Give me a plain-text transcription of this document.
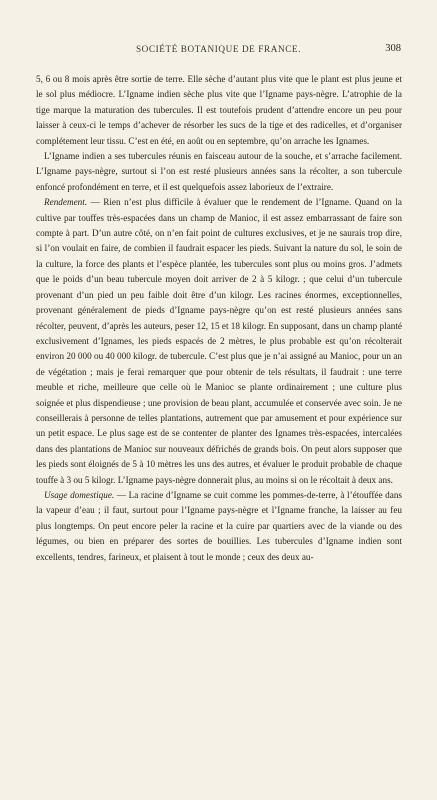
SOCIÉTÉ BOTANIQUE DE FRANCE.	308

5, 6 ou 8 mois après être sortie de terre. Elle sèche d’autant plus vite que le plant est plus jeune et le sol plus médiocre. L’Igname indien sèche plus vite que l’Igname pays-nègre. L’atrophie de la tige marque la maturation des tubercules. Il est toutefois prudent d’attendre encore un peu pour laisser à ceux-ci le temps d’achever de résorber les sucs de la tige et des radicelles, et d’organiser complétement leur tissu. C’est en été, en août ou en septembre, qu’on arrache les Ignames.

L’Igname indien a ses tubercules réunis en faisceau autour de la souche, et s’arrache facilement. L’Igname pays-nègre, surtout si l’on est resté plusieurs années sans la récolter, a son tubercule enfoncé profondément en terre, et il est quelquefois assez laborieux de l’extraire.

Rendement. — Rien n’est plus difficile à évaluer que le rendement de l’Igname. Quand on la cultive par touffes très-espacées dans un champ de Manioc, il est assez embarrassant de faire son compte à part. D’un autre côté, on n’en fait point de cultures exclusives, et je ne saurais trop dire, si l’on voulait en faire, de combien il faudrait espacer les pieds. Suivant la nature du sol, le soin de la culture, la force des plants et l’espèce plantée, les tubercules sont plus ou moins gros. J’admets que le poids d’un beau tubercule moyen doit arriver de 2 à 5 kilogr. ; que celui d’un tubercule provenant d’un pied un peu faible doit être d’un kilogr. Les racines énormes, exceptionnelles, provenant généralement de pieds d’Igname pays-nègre qu’on est resté plusieurs années sans récolter, peuvent, d’après les auteurs, peser 12, 15 et 18 kilogr. En supposant, dans un champ planté exclusivement d’Ignames, les pieds espacés de 2 mètres, le plus probable est qu’on récolterait environ 20 000 ou 40 000 kilogr. de tubercule. C’est plus que je n’ai assigné au Manioc, pour un an de végétation ; mais je ferai remarquer que pour obtenir de tels résultats, il faudrait : une terre meuble et riche, meilleure que celle où le Manioc se plante ordinairement ; une culture plus soignée et plus dispendieuse ; une provision de beau plant, accumulée et conservée avec soin. Je ne conseillerais à personne de telles plantations, autrement que par amusement et pour expérience sur un petit espace. Le plus sage est de se contenter de planter des Ignames très-espacées, intercalées dans des plantations de Manioc sur nouveaux défrichés de grands bois. On peut alors supposer que les pieds sont éloignés de 5 à 10 mètres les uns des autres, et évaluer le produit probable de chaque touffe à 3 ou 5 kilogr. L’Igname pays-nègre donnerait plus, au moins si on le récoltait à deux ans.

Usage domestique. — La racine d’Igname se cuit comme les pommes-de-terre, à l’étouffée dans la vapeur d’eau ; il faut, surtout pour l’Igname pays-nègre et l’Igname franche, la laisser au feu plus longtemps. On peut encore peler la racine et la cuire par quartiers avec de la viande ou des légumes, ou bien en préparer des sortes de bouillies. Les tubercules d’Igname indien sont excellents, tendres, farineux, et plaisent à tout le monde ; ceux des deux au-
